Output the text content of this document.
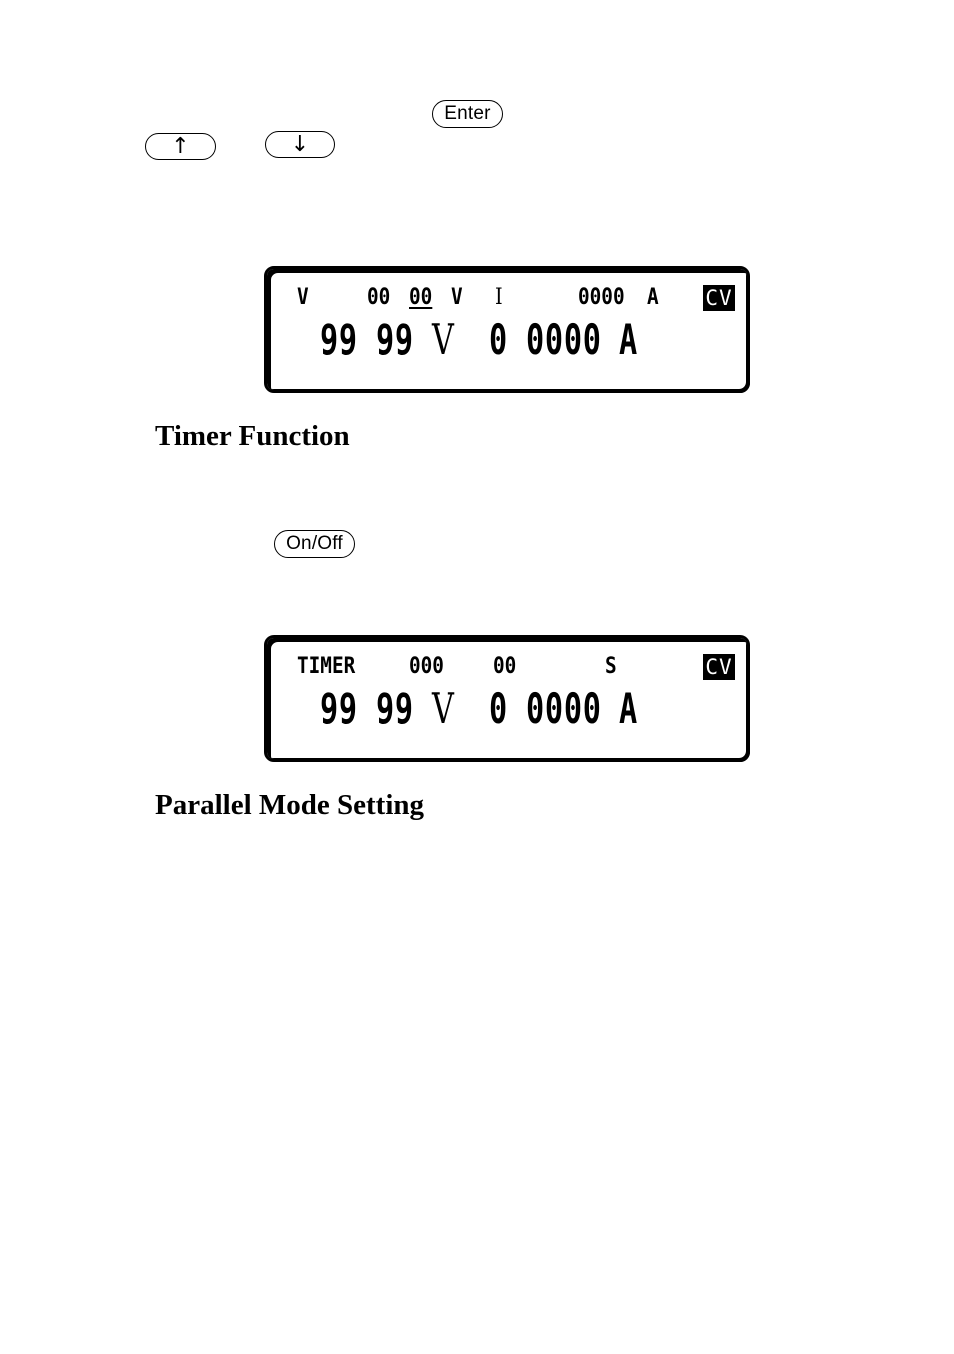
Enter
↑	↓
V	00 00 V I	0000 A CV
99 99 V 0 0000 A
Timer Function
On/Off
TIMER 000 00	S	CV
99 99 V 0 0000 A
Parallel Mode Setting
